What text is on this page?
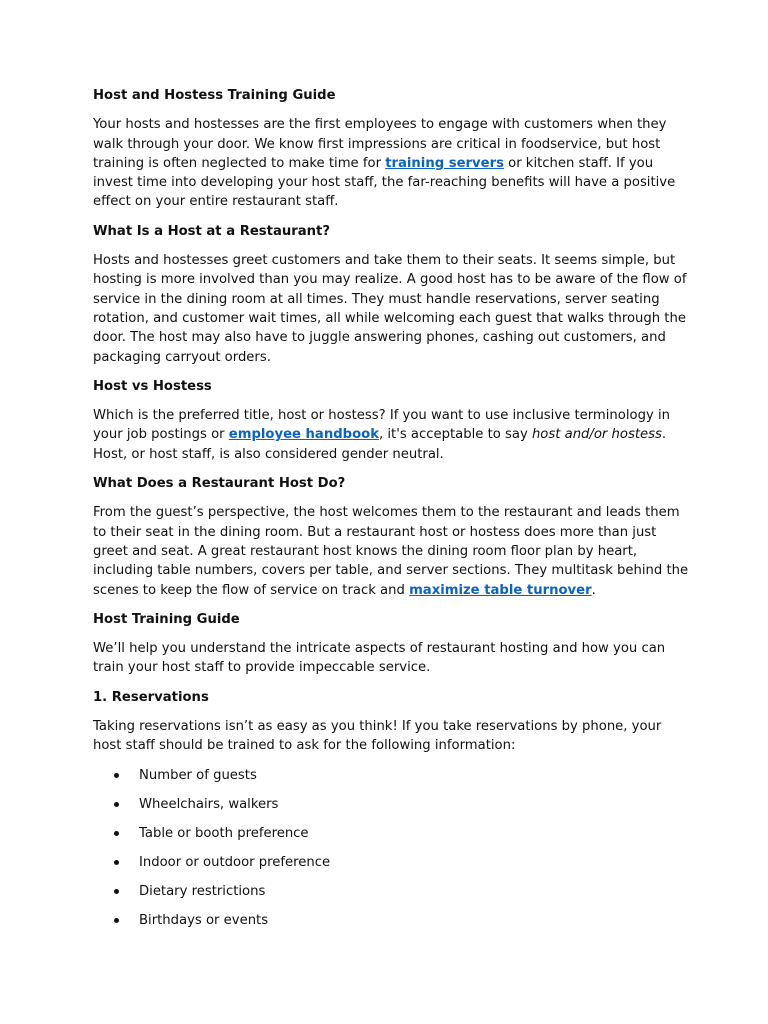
Host and Hostess Training Guide

Your hosts and hostesses are the first employees to engage with customers when they walk through your door. We know first impressions are critical in foodservice, but host training is often neglected to make time for training servers or kitchen staff. If you invest time into developing your host staff, the far-reaching benefits will have a positive effect on your entire restaurant staff.

What Is a Host at a Restaurant?

Hosts and hostesses greet customers and take them to their seats. It seems simple, but hosting is more involved than you may realize. A good host has to be aware of the flow of service in the dining room at all times. They must handle reservations, server seating rotation, and customer wait times, all while welcoming each guest that walks through the door. The host may also have to juggle answering phones, cashing out customers, and packaging carryout orders.

Host vs Hostess

Which is the preferred title, host or hostess? If you want to use inclusive terminology in your job postings or employee handbook, it's acceptable to say host and/or hostess. Host, or host staff, is also considered gender neutral.

What Does a Restaurant Host Do?

From the guest’s perspective, the host welcomes them to the restaurant and leads them to their seat in the dining room. But a restaurant host or hostess does more than just greet and seat. A great restaurant host knows the dining room floor plan by heart, including table numbers, covers per table, and server sections. They multitask behind the scenes to keep the flow of service on track and maximize table turnover.

Host Training Guide

We’ll help you understand the intricate aspects of restaurant hosting and how you can train your host staff to provide impeccable service.

1. Reservations

Taking reservations isn’t as easy as you think! If you take reservations by phone, your host staff should be trained to ask for the following information:

Number of guests
Wheelchairs, walkers
Table or booth preference
Indoor or outdoor preference
Dietary restrictions
Birthdays or events
